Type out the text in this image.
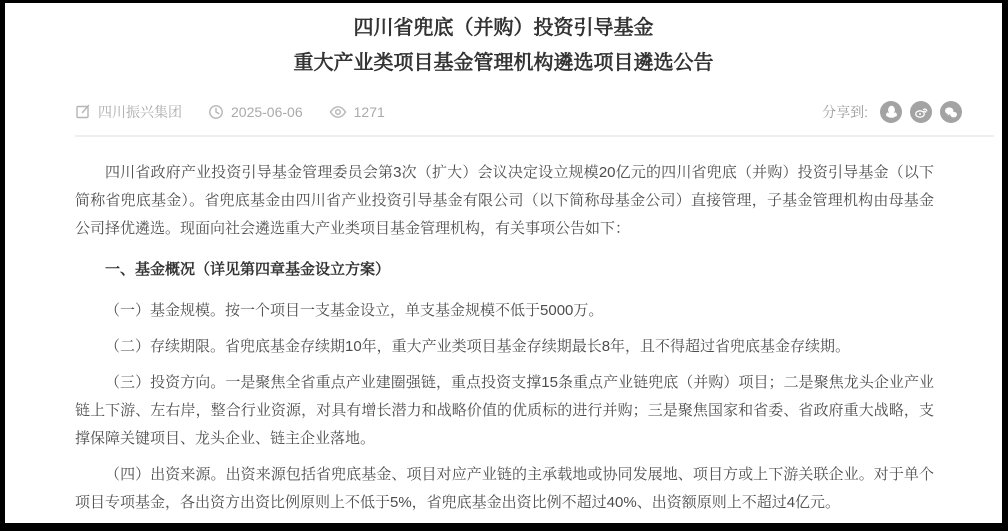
四川省兜底（并购）投资引导基金
重大产业类项目基金管理机构遴选项目遴选公告
四川振兴集团	2025-06-06	1271	分享到:

四川省政府产业投资引导基金管理委员会第3次（扩大）会议决定设立规模20亿元的四川省兜底（并购）投资引导基金（以下简称省兜底基金）。省兜底基金由四川省产业投资引导基金有限公司（以下简称母基金公司）直接管理，子基金管理机构由母基金公司择优遴选。现面向社会遴选重大产业类项目基金管理机构，有关事项公告如下：

一、基金概况（详见第四章基金设立方案）

（一）基金规模。按一个项目一支基金设立，单支基金规模不低于5000万。

（二）存续期限。省兜底基金存续期10年，重大产业类项目基金存续期最长8年，且不得超过省兜底基金存续期。

（三）投资方向。一是聚焦全省重点产业建圈强链，重点投资支撑15条重点产业链兜底（并购）项目；二是聚焦龙头企业产业链上下游、左右岸，整合行业资源，对具有增长潜力和战略价值的优质标的进行并购；三是聚焦国家和省委、省政府重大战略，支撑保障关键项目、龙头企业、链主企业落地。

（四）出资来源。出资来源包括省兜底基金、项目对应产业链的主承载地或协同发展地、项目方或上下游关联企业。对于单个项目专项基金，各出资方出资比例原则上不低于5%，省兜底基金出资比例不超过40%、出资额原则上不超过4亿元。
